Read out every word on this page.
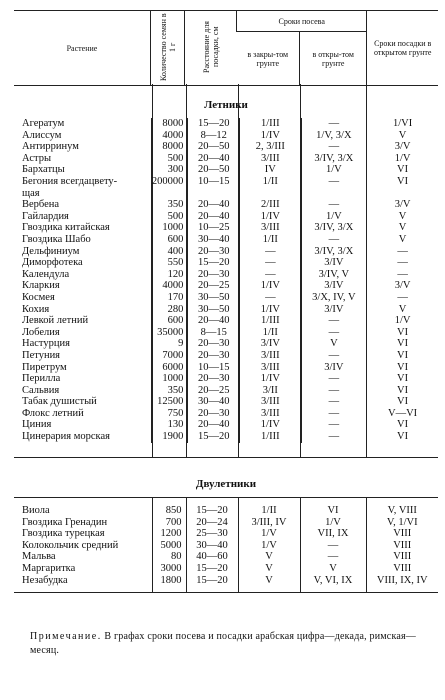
Растение	Количество семян в 1 г	Расстояние для посадки, см	Сроки посева		Сроки посадки в открытом грунте
			в закры-том грунте	в откры-том грунте	
Летники
Агератум	8000	15—20	1/III	—	1/VI
Алиссум	4000	8—12	1/IV	1/V, 3/X	V
Антирринум	8000	20—50	2, 3/III	—	3/V
Астры	500	20—40	3/III	3/IV, 3/X	1/V
Бархатцы	300	20—50	IV	1/V	VI
Бегония всегдацвету-	200000	10—15	1/II	—	VI
щая					
Вербена	350	20—40	2/III	—	3/V
Гайлардия	500	20—40	1/IV	1/V	V
Гвоздика китайская	1000	10—25	3/III	3/IV, 3/X	V
Гвоздика Шабо	600	30—40	1/II	—	V
Дельфиниум	400	20—30	—	3/IV, 3/X	—
Диморфотека	550	15—20	—	3/IV	—
Календула	120	20—30	—	3/IV, V	—
Кларкия	4000	20—25	1/IV	3/IV	3/V
Космея	170	30—50	—	3/X, IV, V	—
Кохия	280	30—50	1/IV	3/IV	V
Левкой летний	600	20—40	1/III	—	1/V
Лобелия	35000	8—15	1/II	—	VI
Настурция	9	20—30	3/IV	V	VI
Петуния	7000	20—30	3/III	—	VI
Пиретрум	6000	10—15	3/III	3/IV	VI
Перилла	1000	20—30	1/IV	—	VI
Сальвия	350	20—25	3/II	—	VI
Табак душистый	12500	30—40	3/III	—	VI
Флокс летний	750	20—30	3/III	—	V—VI
Циния	130	20—40	1/IV	—	VI
Цинерария морская	1900	15—20	1/III	—	VI
Двулетники
Виола	850	15—20	1/II	VI	V, VIII
Гвоздика Гренадин	700	20—24	3/III, IV	1/V	V, 1/VI
Гвоздика турецкая	1200	25—30	1/V	VII, IX	VIII
Колокольчик средний	5000	30—40	1/V	—	VIII
Мальва	80	40—60	V	—	VIII
Маргаритка	3000	15—20	V	V	VIII
Незабудка	1800	15—20	V	V, VI, IX	VIII, IX, IV
Примечание. В графах сроки посева и посадки арабская цифра—декада, римская—месяц.
